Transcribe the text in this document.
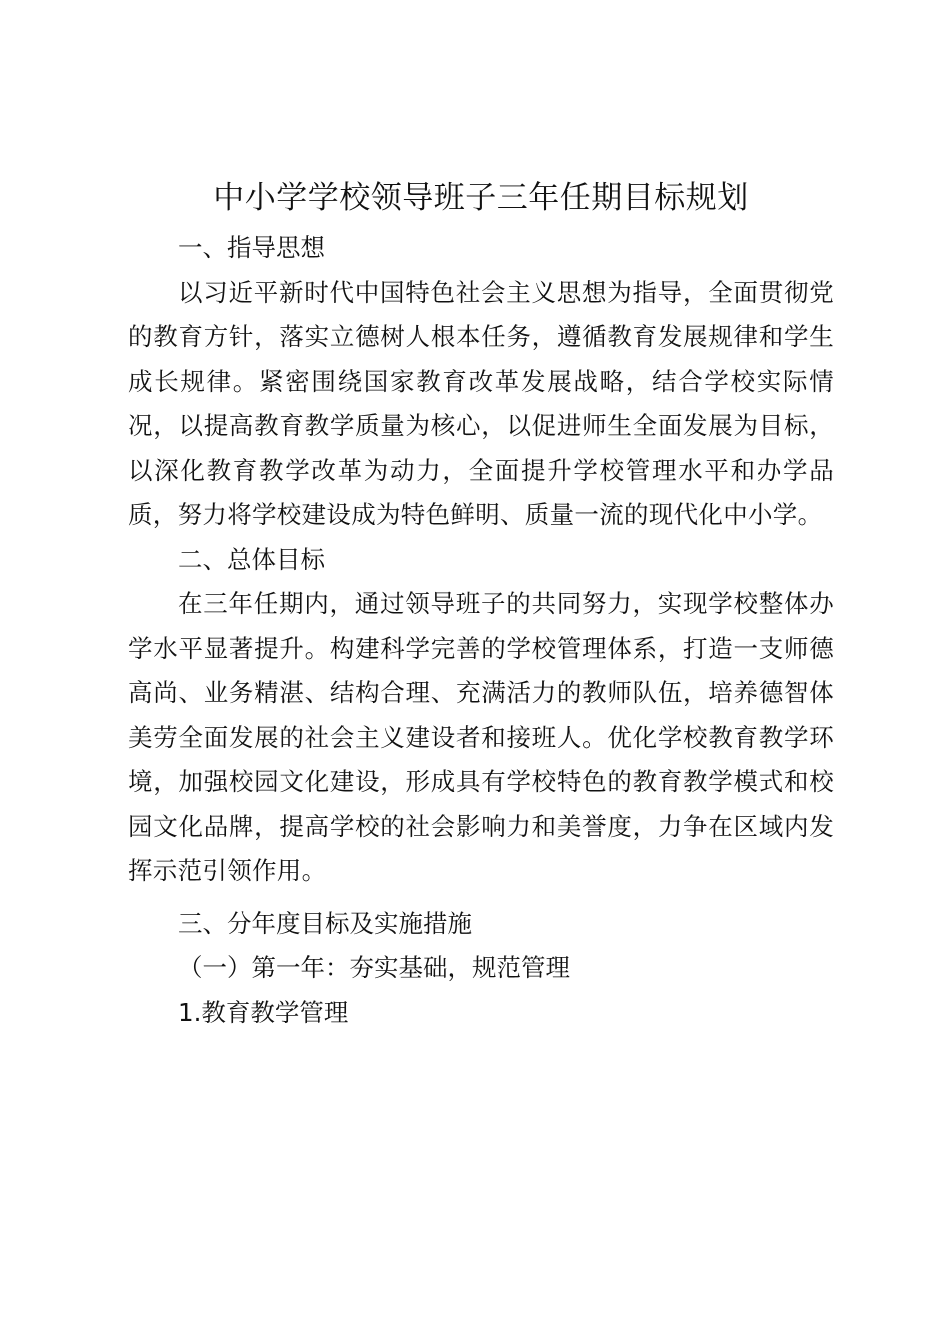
中小学学校领导班子三年任期目标规划

一、指导思想

以习近平新时代中国特色社会主义思想为指导，全面贯彻党的教育方针，落实立德树人根本任务，遵循教育发展规律和学生成长规律。紧密围绕国家教育改革发展战略，结合学校实际情况，以提高教育教学质量为核心，以促进师生全面发展为目标，以深化教育教学改革为动力，全面提升学校管理水平和办学品质，努力将学校建设成为特色鲜明、质量一流的现代化中小学。

二、总体目标

在三年任期内，通过领导班子的共同努力，实现学校整体办学水平显著提升。构建科学完善的学校管理体系，打造一支师德高尚、业务精湛、结构合理、充满活力的教师队伍，培养德智体美劳全面发展的社会主义建设者和接班人。优化学校教育教学环境，加强校园文化建设，形成具有学校特色的教育教学模式和校园文化品牌，提高学校的社会影响力和美誉度，力争在区域内发挥示范引领作用。

三、分年度目标及实施措施

（一）第一年：夯实基础，规范管理

1.教育教学管理
